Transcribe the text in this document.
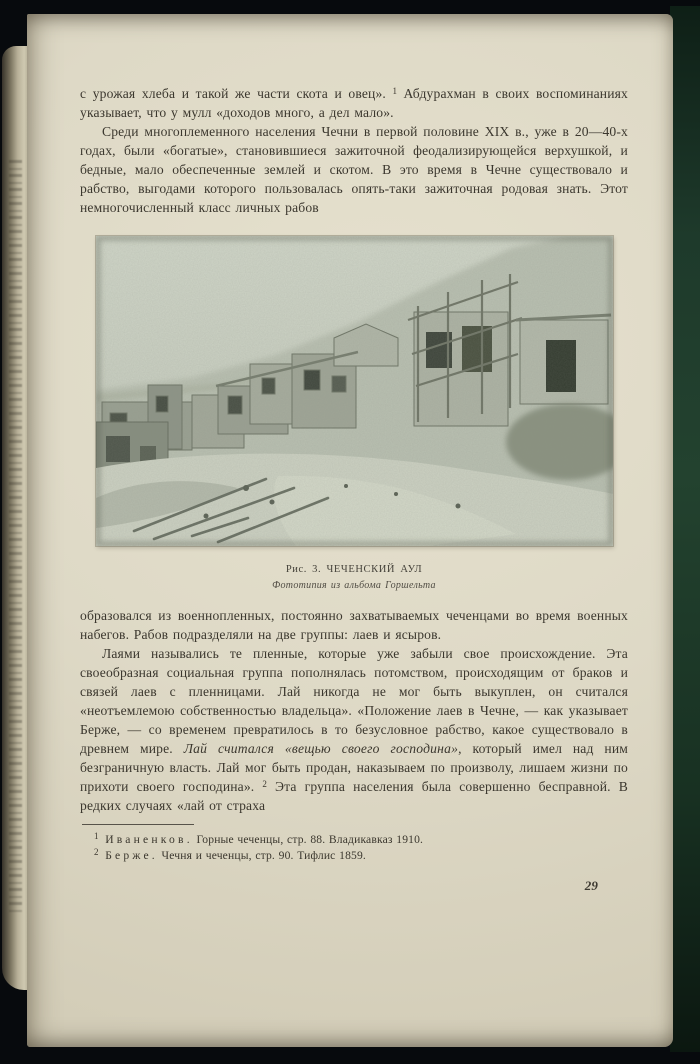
с урожая хлеба и такой же части скота и овец». $^1$ Абдурахман в своих воспоминаниях указывает, что у мулл «доходов много, а дел мало».

Среди многоплеменного населения Чечни в первой половине XIX в., уже в 20—40-х годах, были «богатые», становившиеся зажиточной феодализирующейся верхушкой, и бедные, мало обеспеченные землей и скотом. В это время в Чечне существовало и рабство, выгодами которого пользовалась опять-таки зажиточная родовая знать. Этот немногочисленный класс личных рабов

Рис. 3. ЧЕЧЕНСКИЙ АУЛ
Фототипия из альбома Горшельта

образовался из военнопленных, постоянно захватываемых чеченцами во время военных набегов. Рабов подразделяли на две группы: лаев и ясыров.

Лаями назывались те пленные, которые уже забыли свое происхождение. Эта своеобразная социальная группа пополнялась потомством, происходящим от браков и связей лаев с пленницами. Лай никогда не мог быть выкуплен, он считался «неотъемлемою собственностью владельца». «Положение лаев в Чечне, — как указывает Берже, — со временем превратилось в то безусловное рабство, какое существовало в древнем мире. Лай считался «вещью своего господина», который имел над ним безграничную власть. Лай мог быть продан, наказываем по произволу, лишаем жизни по прихоти своего господина». $^2$ Эта группа населения была совершенно бесправной. В редких случаях «лай от страха

$^1$ Иваненков. Горные чеченцы, стр. 88. Владикавказ 1910.
$^2$ Берже. Чечня и чеченцы, стр. 90. Тифлис 1859.
29
